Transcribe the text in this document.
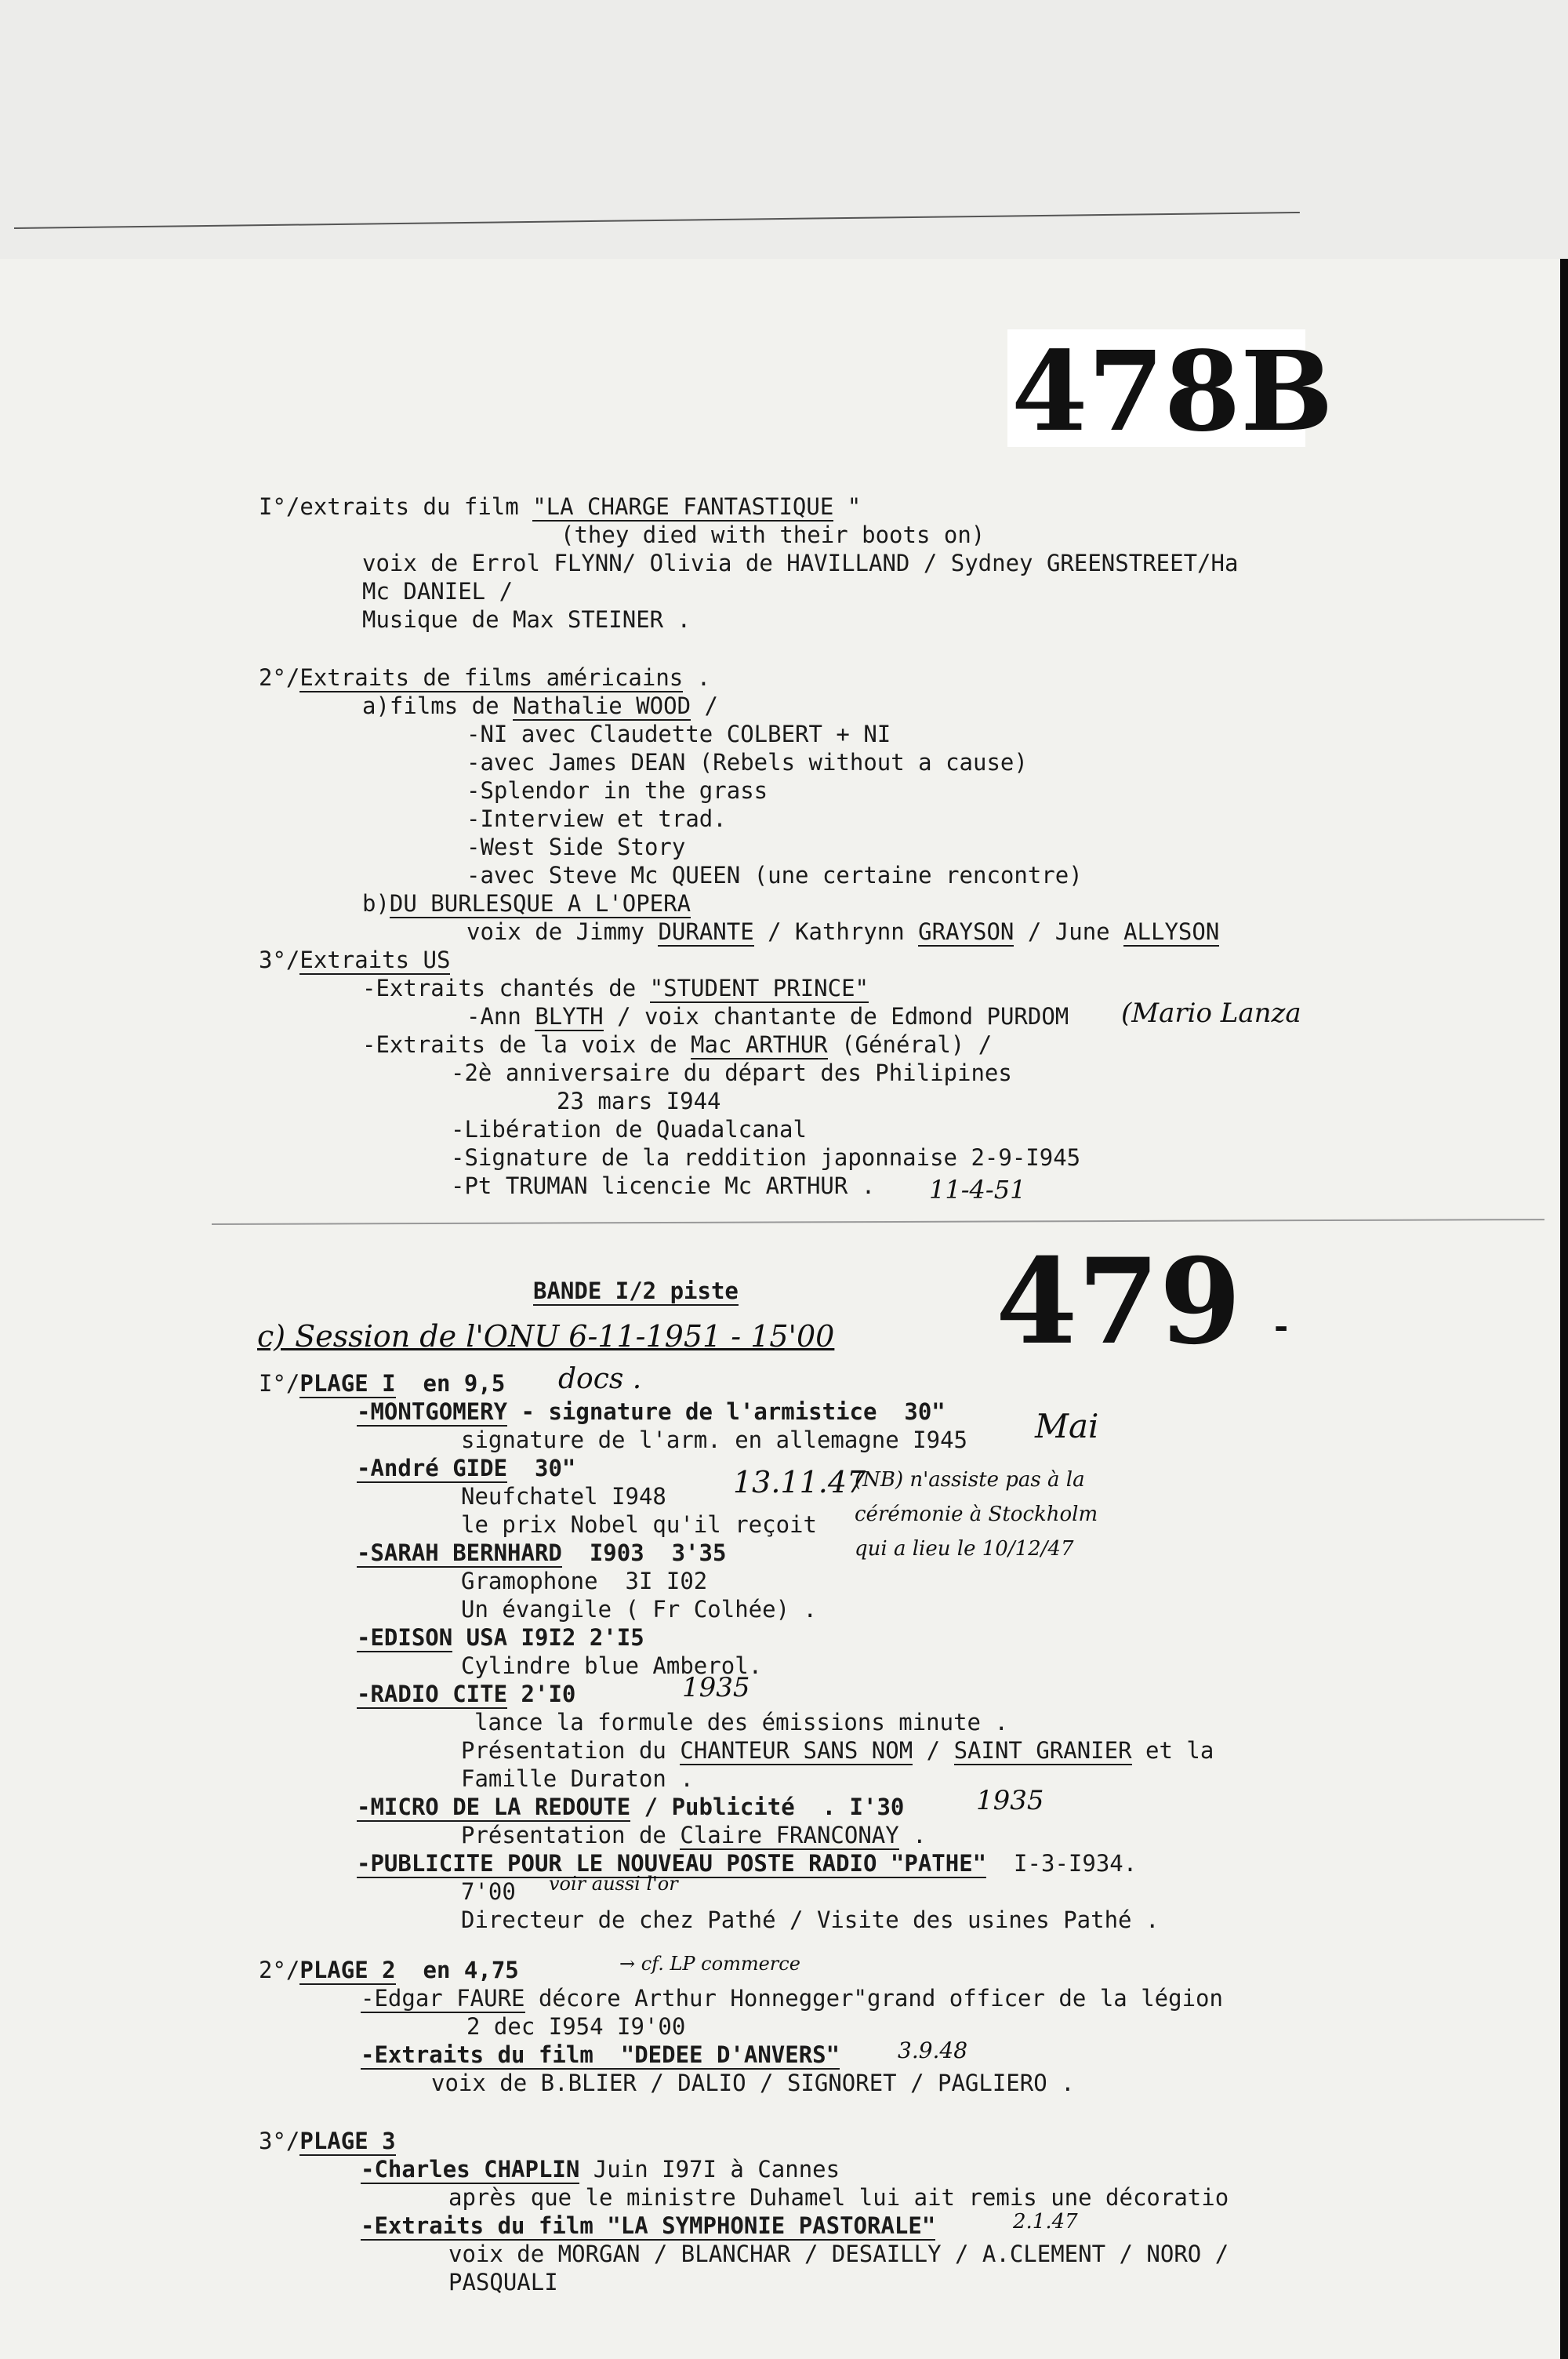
478B
479 -
I°/extraits du film "LA CHARGE FANTASTIQUE "
(they died with their boots on)
voix de Errol FLYNN/ Olivia de HAVILLAND / Sydney GREENSTREET/Ha
Mc DANIEL /
Musique de Max STEINER .
2°/Extraits de films américains .
a)films de Nathalie WOOD /
-NI avec Claudette COLBERT + NI
-avec James DEAN (Rebels without a cause)
-Splendor in the grass
-Interview et trad.
-West Side Story
-avec Steve Mc QUEEN (une certaine rencontre)
b)DU BURLESQUE A L'OPERA
voix de Jimmy DURANTE / Kathrynn GRAYSON / June ALLYSON
3°/Extraits US
-Extraits chantés de "STUDENT PRINCE"
-Ann BLYTH / voix chantante de Edmond PURDOM
-Extraits de la voix de Mac ARTHUR (Général) /
-2è anniversaire du départ des Philipines
23 mars I944
-Libération de Quadalcanal
-Signature de la reddition japonnaise 2-9-I945
-Pt TRUMAN licencie Mc ARTHUR .
BANDE I/2 piste
I°/PLAGE I  en 9,5
-MONTGOMERY - signature de l'armistice  30"
signature de l'arm. en allemagne I945
-André GIDE  30"
Neufchatel I948
le prix Nobel qu'il reçoit
-SARAH BERNHARD  I903  3'35
Gramophone  3I I02
Un évangile ( Fr Colhée) .
-EDISON USA I9I2 2'I5
Cylindre blue Amberol.
-RADIO CITE 2'I0
lance la formule des émissions minute .
Présentation du CHANTEUR SANS NOM / SAINT GRANIER et la
Famille Duraton .
-MICRO DE LA REDOUTE / Publicité  . I'30
Présentation de Claire FRANCONAY .
-PUBLICITE POUR LE NOUVEAU POSTE RADIO "PATHE"  I-3-I934.
7'00
Directeur de chez Pathé / Visite des usines Pathé .
2°/PLAGE 2  en 4,75
-Edgar FAURE décore Arthur Honnegger"grand officer de la légion
2 dec I954 I9'00
-Extraits du film  "DEDEE D'ANVERS"
voix de B.BLIER / DALIO / SIGNORET / PAGLIERO .
3°/PLAGE 3
-Charles CHAPLIN Juin I97I à Cannes
après que le ministre Duhamel lui ait remis une décoratio
-Extraits du film "LA SYMPHONIE PASTORALE"
voix de MORGAN / BLANCHAR / DESAILLY / A.CLEMENT / NORO /
PASQUALI
(Mario Lanza
11-4-51
c) Session de l'ONU 6-11-1951 - 15'00
docs .
Mai
13.11.47
(NB) n'assiste pas à la
cérémonie à Stockholm
qui a lieu le 10/12/47
1935
1935
voir aussi l'or
→ cf. LP commerce
3.9.48
2.1.47
